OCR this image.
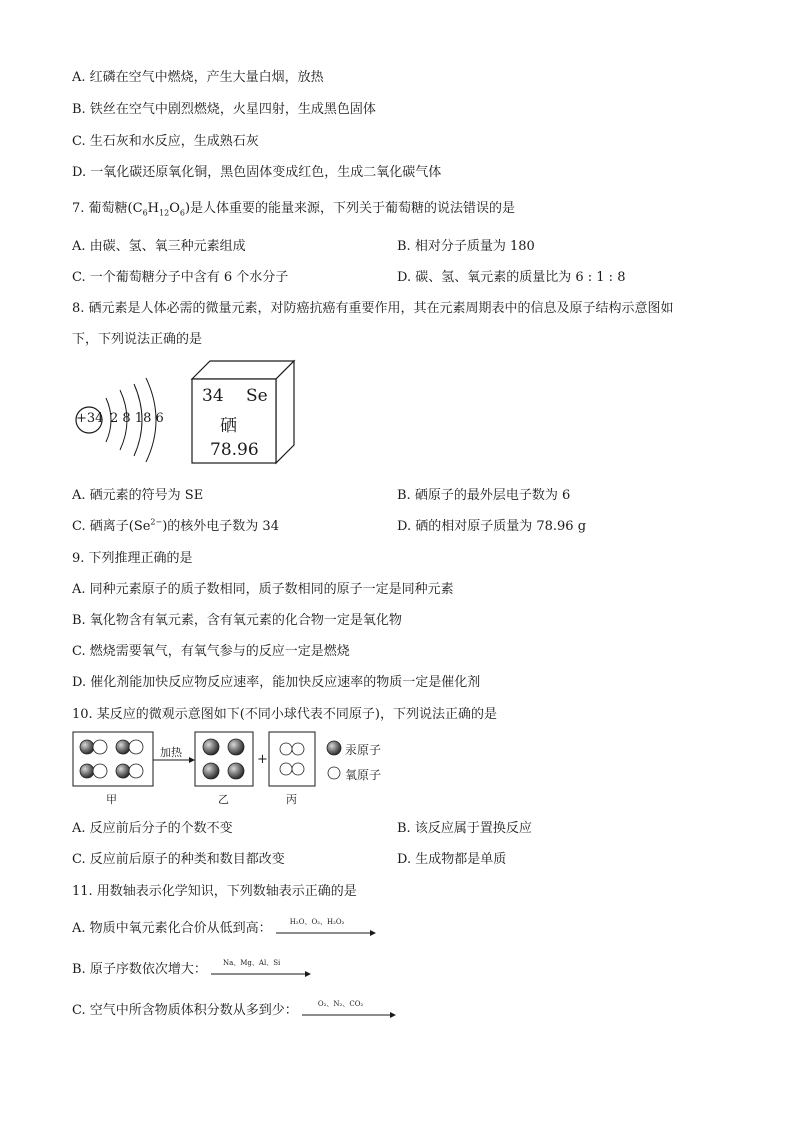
A. 红磷在空气中燃烧，产生大量白烟，放热
B. 铁丝在空气中剧烈燃烧，火星四射，生成黑色固体
C. 生石灰和水反应，生成熟石灰
D. 一氧化碳还原氧化铜，黑色固体变成红色，生成二氧化碳气体
7. 葡萄糖$(C_6H_{12}O_6)$是人体重要的能量来源，下列关于葡萄糖的说法错误的是
A. 由碳、氢、氧三种元素组成	B. 相对分子质量为 180
C. 一个葡萄糖分子中含有 6 个水分子	D. 碳、氢、氧元素的质量比为 6 : 1 : 8
8. 硒元素是人体必需的微量元素，对防癌抗癌有重要作用，其在元素周期表中的信息及原子结构示意图如
下，下列说法正确的是
+34 2 8 18 6
34 Se
硒
78.96
A. 硒元素的符号为 SE	B. 硒原子的最外层电子数为 6
C. 硒离子$(Se^{2-})$的核外电子数为 34	D. 硒的相对原子质量为 78.96 g
9. 下列推理正确的是
A. 同种元素原子的质子数相同，质子数相同的原子一定是同种元素
B. 氧化物含有氧元素，含有氧元素的化合物一定是氧化物
C. 燃烧需要氧气，有氧气参与的反应一定是燃烧
D. 催化剂能加快反应物反应速率，能加快反应速率的物质一定是催化剂
10. 某反应的微观示意图如下(不同小球代表不同原子)，下列说法正确的是
加热	+
甲	乙	丙
汞原子
氧原子
A. 反应前后分子的个数不变	B. 该反应属于置换反应
C. 反应前后原子的种类和数目都改变	D. 生成物都是单质
11. 用数轴表示化学知识，下列数轴表示正确的是
A. 物质中氧元素化合价从低到高：	H₂O、O₂、H₂O₂
B. 原子序数依次增大： Na、Mg、Al、Si
C. 空气中所含物质体积分数从多到少：	O₂、N₂、CO₂
